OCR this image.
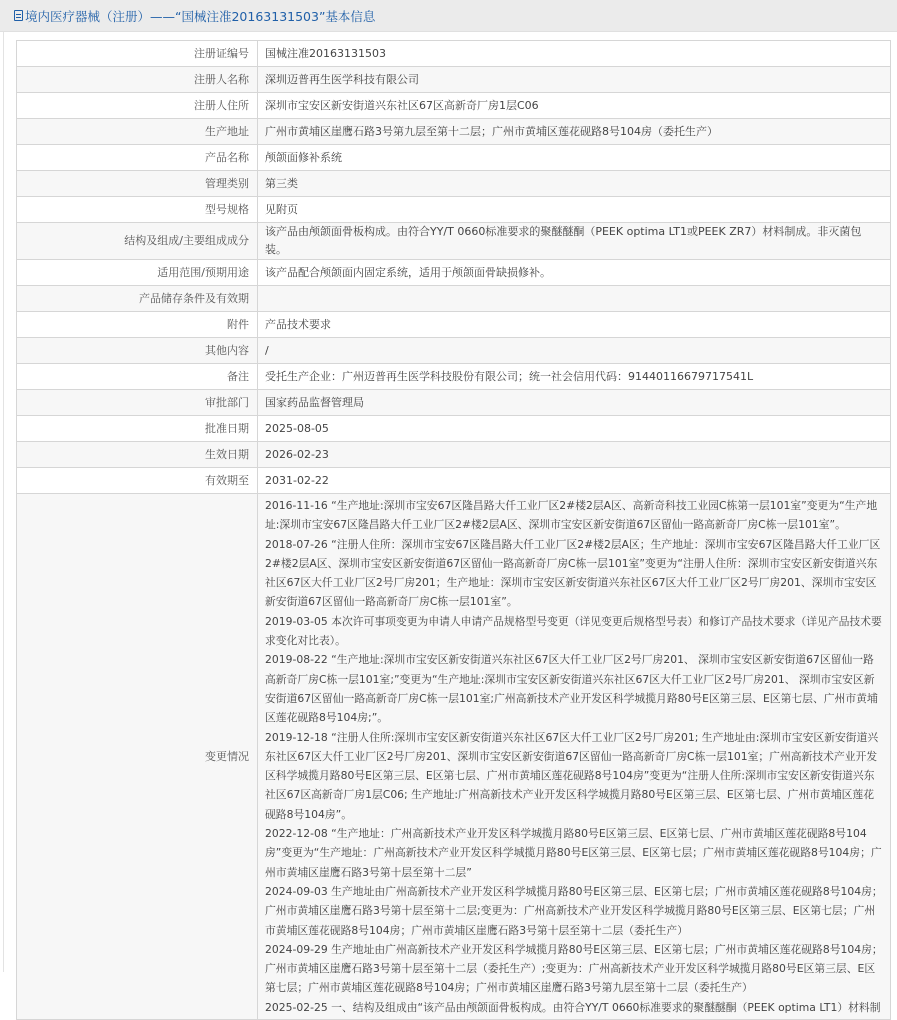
境内医疗器械（注册）——“国械注准20163131503”基本信息
注册证编号	国械注准20163131503
注册人名称	深圳迈普再生医学科技有限公司
注册人住所	深圳市宝安区新安街道兴东社区67区高新奇厂房1层C06
生产地址	广州市黄埔区崖鹰石路3号第九层至第十二层；广州市黄埔区莲花砚路8号104房（委托生产）
产品名称	颅颌面修补系统
管理类别	第三类
型号规格	见附页
结构及组成/主要组成成分	该产品由颅颌面骨板构成。由符合YY/T 0660标准要求的聚醚醚酮（PEEK optima LT1或PEEK ZR7）材料制成。非灭菌包装。
适用范围/预期用途	该产品配合颅颌面内固定系统，适用于颅颌面骨缺损修补。
产品储存条件及有效期	
附件	产品技术要求
其他内容	/
备注	受托生产企业：广州迈普再生医学科技股份有限公司；统一社会信用代码：91440116679717541L
审批部门	国家药品监督管理局
批准日期	2025-08-05
生效日期	2026-02-23
有效期至	2031-02-22
变更情况	
2016-11-16 “生产地址:深圳市宝安67区隆昌路大仟工业厂区2#楼2层A区、高新奇科技工业园C栋第一层101室”变更为“生产地址:深圳市宝安67区隆昌路大仟工业厂区2#楼2层A区、深圳市宝安区新安街道67区留仙一路高新奇厂房C栋一层101室”。
2018-07-26 “注册人住所：深圳市宝安67区隆昌路大仟工业厂区2#楼2层A区；生产地址：深圳市宝安67区隆昌路大仟工业厂区2#楼2层A区、深圳市宝安区新安街道67区留仙一路高新奇厂房C栋一层101室”变更为“注册人住所：深圳市宝安区新安街道兴东社区67区大仟工业厂区2号厂房201；生产地址：深圳市宝安区新安街道兴东社区67区大仟工业厂区2号厂房201、深圳市宝安区新安街道67区留仙一路高新奇厂房C栋一层101室”。
2019-03-05 本次许可事项变更为申请人申请产品规格型号变更（详见变更后规格型号表）和修订产品技术要求（详见产品技术要求变化对比表）。
2019-08-22 “生产地址:深圳市宝安区新安街道兴东社区67区大仟工业厂区2号厂房201、 深圳市宝安区新安街道67区留仙一路高新奇厂房C栋一层101室;”变更为“生产地址:深圳市宝安区新安街道兴东社区67区大仟工业厂区2号厂房201、 深圳市宝安区新安街道67区留仙一路高新奇厂房C栋一层101室;广州高新技术产业开发区科学城揽月路80号E区第三层、E区第七层、广州市黄埔区莲花砚路8号104房;”。
2019-12-18 “注册人住所:深圳市宝安区新安街道兴东社区67区大仟工业厂区2号厂房201; 生产地址由:深圳市宝安区新安街道兴东社区67区大仟工业厂区2号厂房201、深圳市宝安区新安街道67区留仙一路高新奇厂房C栋一层101室；广州高新技术产业开发区科学城揽月路80号E区第三层、E区第七层、广州市黄埔区莲花砚路8号104房”变更为“注册人住所:深圳市宝安区新安街道兴东社区67区高新奇厂房1层C06; 生产地址:广州高新技术产业开发区科学城揽月路80号E区第三层、E区第七层、广州市黄埔区莲花砚路8号104房”。
2022-12-08 “生产地址：广州高新技术产业开发区科学城揽月路80号E区第三层、E区第七层、广州市黄埔区莲花砚路8号104房”变更为“生产地址：广州高新技术产业开发区科学城揽月路80号E区第三层、E区第七层；广州市黄埔区莲花砚路8号104房；广州市黄埔区崖鹰石路3号第十层至第十二层”
2024-09-03 生产地址由广州高新技术产业开发区科学城揽月路80号E区第三层、E区第七层；广州市黄埔区莲花砚路8号104房；广州市黄埔区崖鹰石路3号第十层至第十二层;变更为：广州高新技术产业开发区科学城揽月路80号E区第三层、E区第七层；广州市黄埔区莲花砚路8号104房；广州市黄埔区崖鹰石路3号第十层至第十二层（委托生产）
2024-09-29 生产地址由广州高新技术产业开发区科学城揽月路80号E区第三层、E区第七层；广州市黄埔区莲花砚路8号104房；广州市黄埔区崖鹰石路3号第十层至第十二层（委托生产）;变更为：广州高新技术产业开发区科学城揽月路80号E区第三层、E区第七层；广州市黄埔区莲花砚路8号104房；广州市黄埔区崖鹰石路3号第九层至第十二层（委托生产）
2025-02-25 一、结构及组成由“该产品由颅颌面骨板构成。由符合YY/T 0660标准要求的聚醚醚酮（PEEK optima LT1）材料制
